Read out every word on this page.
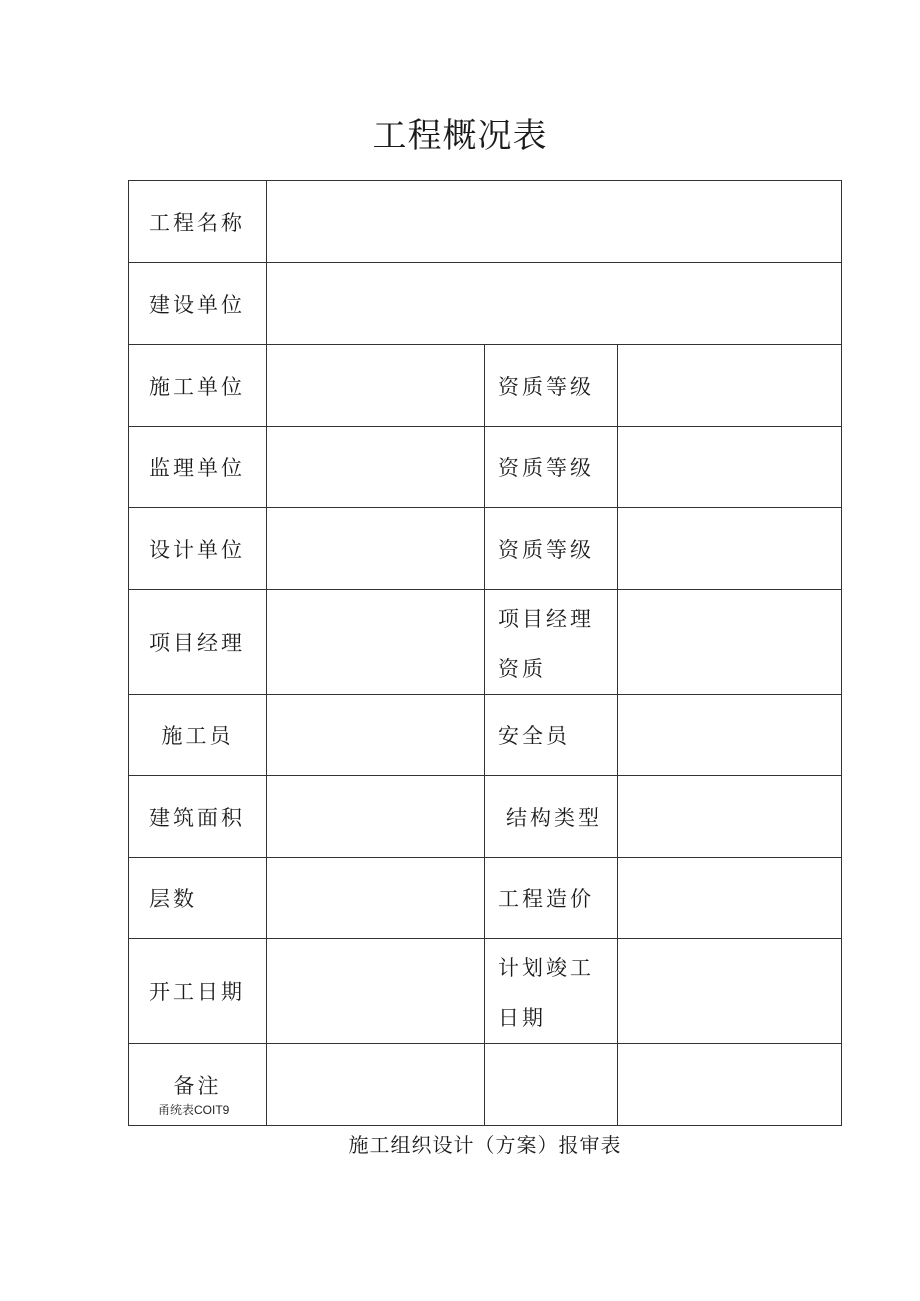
工程概况表
工程名称			
建设单位			
施工单位		资质等级	
监理单位		资质等级	
设计单位		资质等级	
项目经理		项目经理
资质	

施工员		安全员	
建筑面积		结构类型	
层数		工程造价	
开工日期		计划竣工
日期	

备注			
甬统表COIT9
施工组织设计（方案）报审表
